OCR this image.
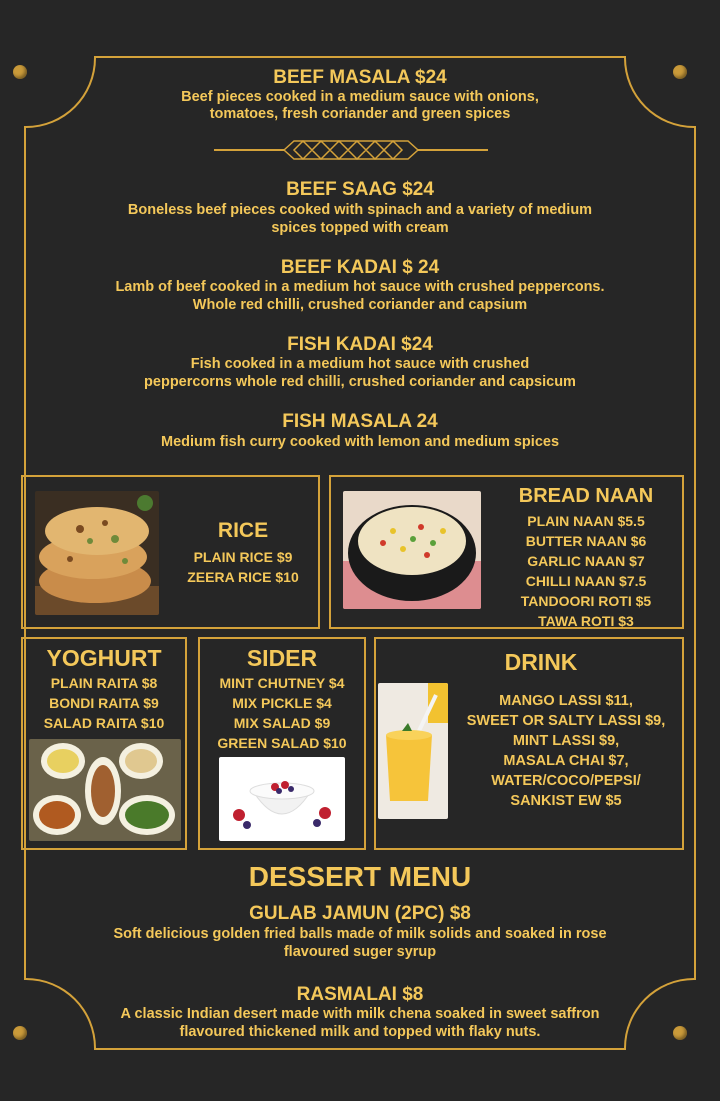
BEEF MASALA $24
Beef pieces cooked in a medium sauce with onions,
tomatoes, fresh coriander and green spices
BEEF SAAG $24
Boneless beef pieces cooked with spinach and a variety of medium
spices topped with cream
BEEF KADAI $ 24
Lamb of beef cooked in a medium hot sauce with crushed peppercons.
Whole red chilli, crushed coriander and capsium
FISH KADAI $24
Fish cooked in a medium hot sauce with crushed
peppercorns whole red chilli, crushed coriander and capsicum
FISH MASALA 24
Medium fish curry cooked with lemon and medium spices
RICE
PLAIN RICE $9
ZEERA RICE $10
BREAD NAAN
PLAIN NAAN $5.5
BUTTER NAAN $6
GARLIC NAAN $7
CHILLI NAAN $7.5
TANDOORI ROTI $5
TAWA ROTI $3
YOGHURT
PLAIN RAITA $8
BONDI RAITA $9
SALAD RAITA $10
SIDER
MINT CHUTNEY $4
MIX PICKLE $4
MIX SALAD $9
GREEN SALAD $10
DRINK
MANGO LASSI $11,
SWEET OR SALTY LASSI $9,
MINT LASSI $9,
MASALA CHAI $7,
WATER/COCO/PEPSI/
SANKIST EW $5
DESSERT MENU
GULAB JAMUN (2PC) $8
Soft delicious golden fried balls made of milk solids and soaked in rose
flavoured suger syrup
RASMALAI $8
A classic Indian desert made with milk chena soaked in sweet saffron
flavoured thickened milk and topped with flaky nuts.
